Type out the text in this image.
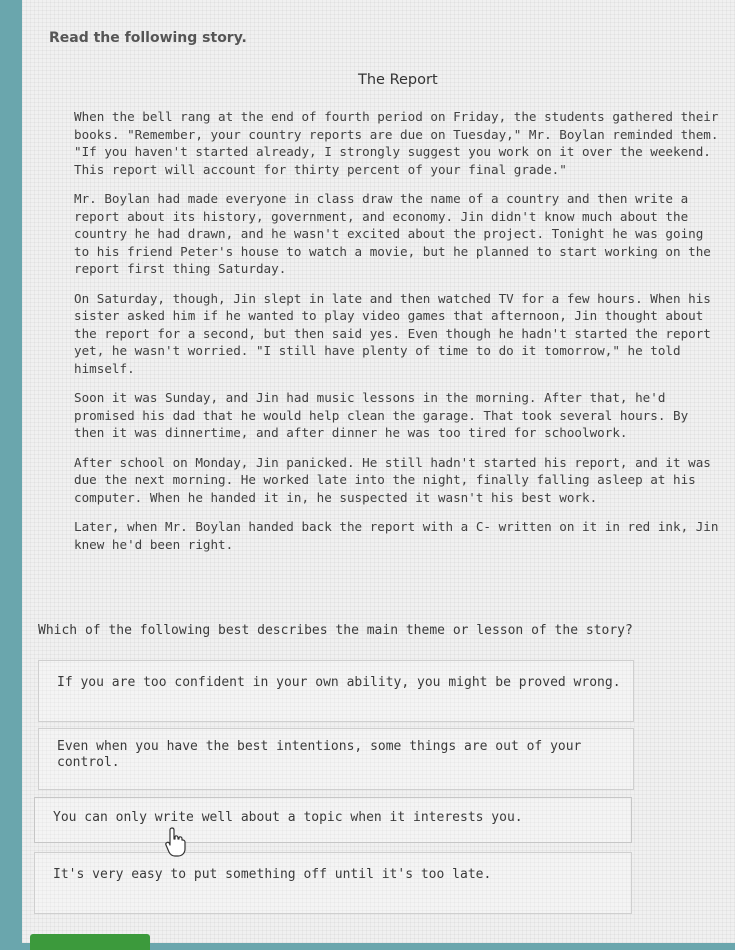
Read the following story.
The Report

When the bell rang at the end of fourth period on Friday, the students gathered their books. "Remember, your country reports are due on Tuesday," Mr. Boylan reminded them. "If you haven't started already, I strongly suggest you work on it over the weekend. This report will account for thirty percent of your final grade."

Mr. Boylan had made everyone in class draw the name of a country and then write a report about its history, government, and economy. Jin didn't know much about the country he had drawn, and he wasn't excited about the project. Tonight he was going to his friend Peter's house to watch a movie, but he planned to start working on the report first thing Saturday.

On Saturday, though, Jin slept in late and then watched TV for a few hours. When his sister asked him if he wanted to play video games that afternoon, Jin thought about the report for a second, but then said yes. Even though he hadn't started the report yet, he wasn't worried. "I still have plenty of time to do it tomorrow," he told himself.

Soon it was Sunday, and Jin had music lessons in the morning. After that, he'd promised his dad that he would help clean the garage. That took several hours. By then it was dinnertime, and after dinner he was too tired for schoolwork.

After school on Monday, Jin panicked. He still hadn't started his report, and it was due the next morning. He worked late into the night, finally falling asleep at his computer. When he handed it in, he suspected it wasn't his best work.

Later, when Mr. Boylan handed back the report with a C- written on it in red ink, Jin knew he'd been right.

Which of the following best describes the main theme or lesson of the story?
If you are too confident in your own ability, you might be proved wrong.
Even when you have the best intentions, some things are out of your control.
You can only write well about a topic when it interests you.
It's very easy to put something off until it's too late.
